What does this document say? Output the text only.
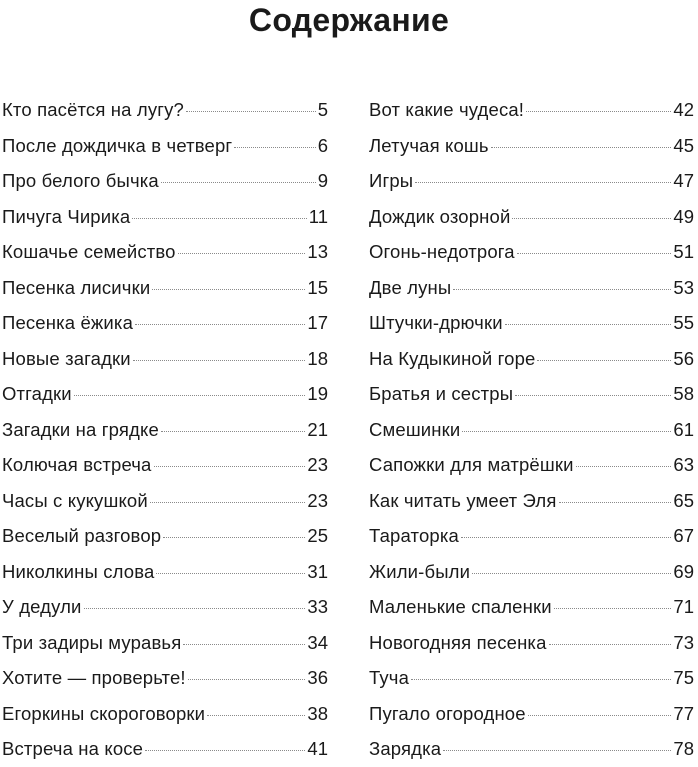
Содержание
Кто пасётся на лугу?	5
После дождичка в четверг	6
Про белого бычка	9
Пичуга Чирика	11
Кошачье семейство	13
Песенка лисички	15
Песенка ёжика	17
Новые загадки	18
Отгадки	19
Загадки на грядке	21
Колючая встреча	23
Часы с кукушкой	23
Веселый разговор	25
Николкины слова	31
У дедули	33
Три задиры муравья	34
Хотите — проверьте!	36
Егоркины скороговорки	38
Встреча на косе	41
Вот какие чудеса!	42
Летучая кошь	45
Игры	47
Дождик озорной	49
Огонь-недотрога	51
Две луны	53
Штучки-дрючки	55
На Кудыкиной горе	56
Братья и сестры	58
Смешинки	61
Сапожки для матрёшки	63
Как читать умеет Эля	65
Тараторка	67
Жили-были	69
Маленькие спаленки	71
Новогодняя песенка	73
Туча	75
Пугало огородное	77
Зарядка	78
